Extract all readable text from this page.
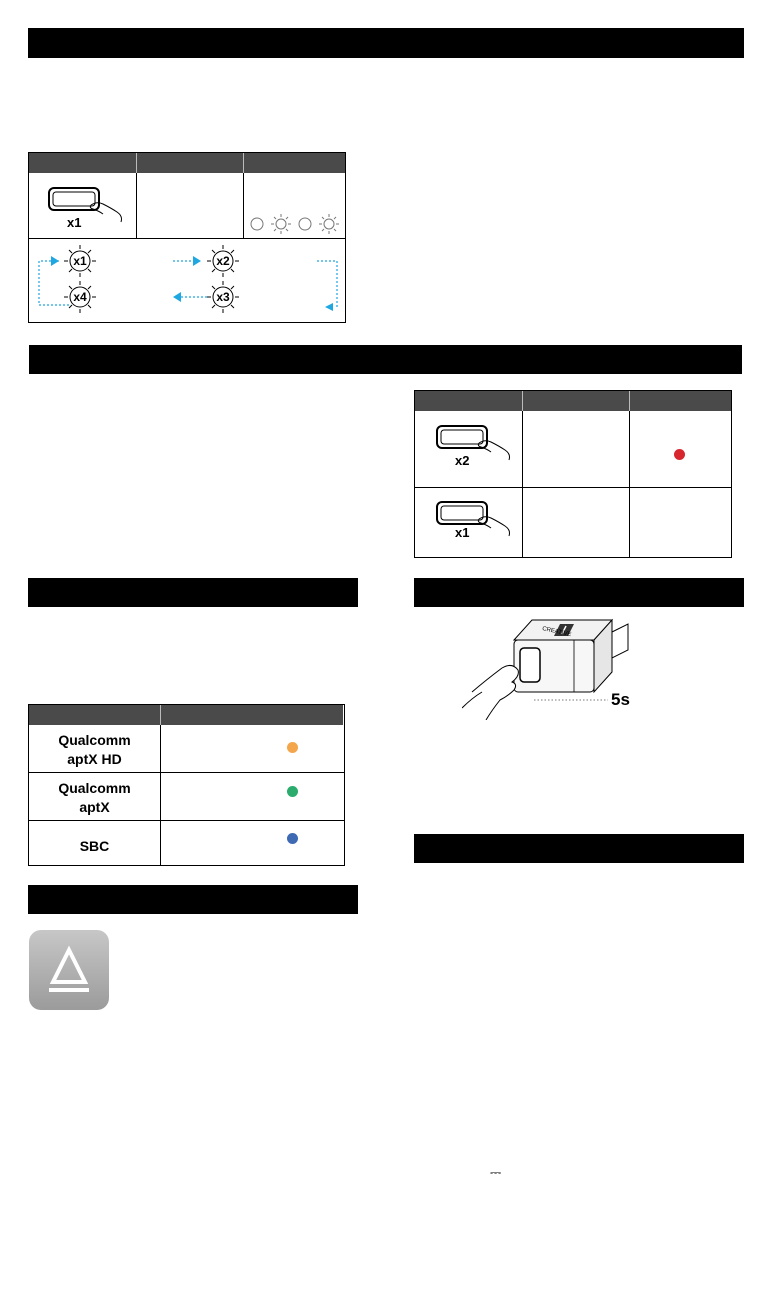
x1
x1	x2
x3
x4
x2
x1
Qualcomm
aptX HD
Qualcomm
aptX
SBC
CREATIVE
5s
⎓
